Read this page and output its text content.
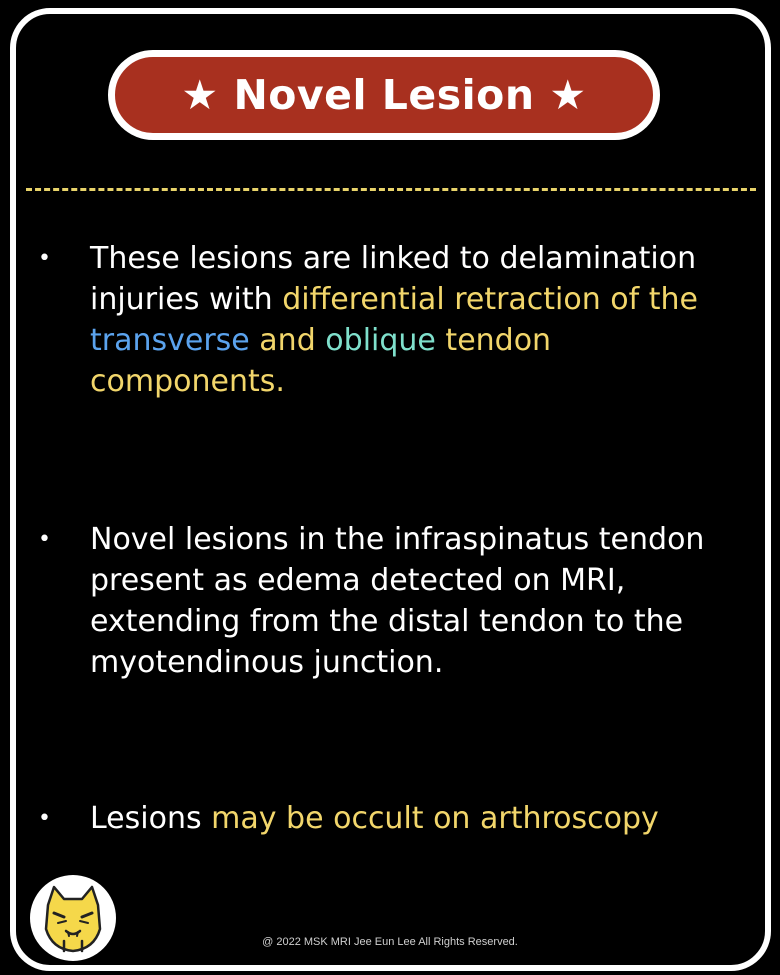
★
Novel Lesion
★
• These lesions are linked to delamination injuries with differential retraction of the transverse and oblique tendon components.
• Novel lesions in the infraspinatus tendon present as edema detected on MRI, extending from the distal tendon to the myotendinous junction.
• Lesions may be occult on arthroscopy
@ 2022 MSK MRI Jee Eun Lee All Rights Reserved.
